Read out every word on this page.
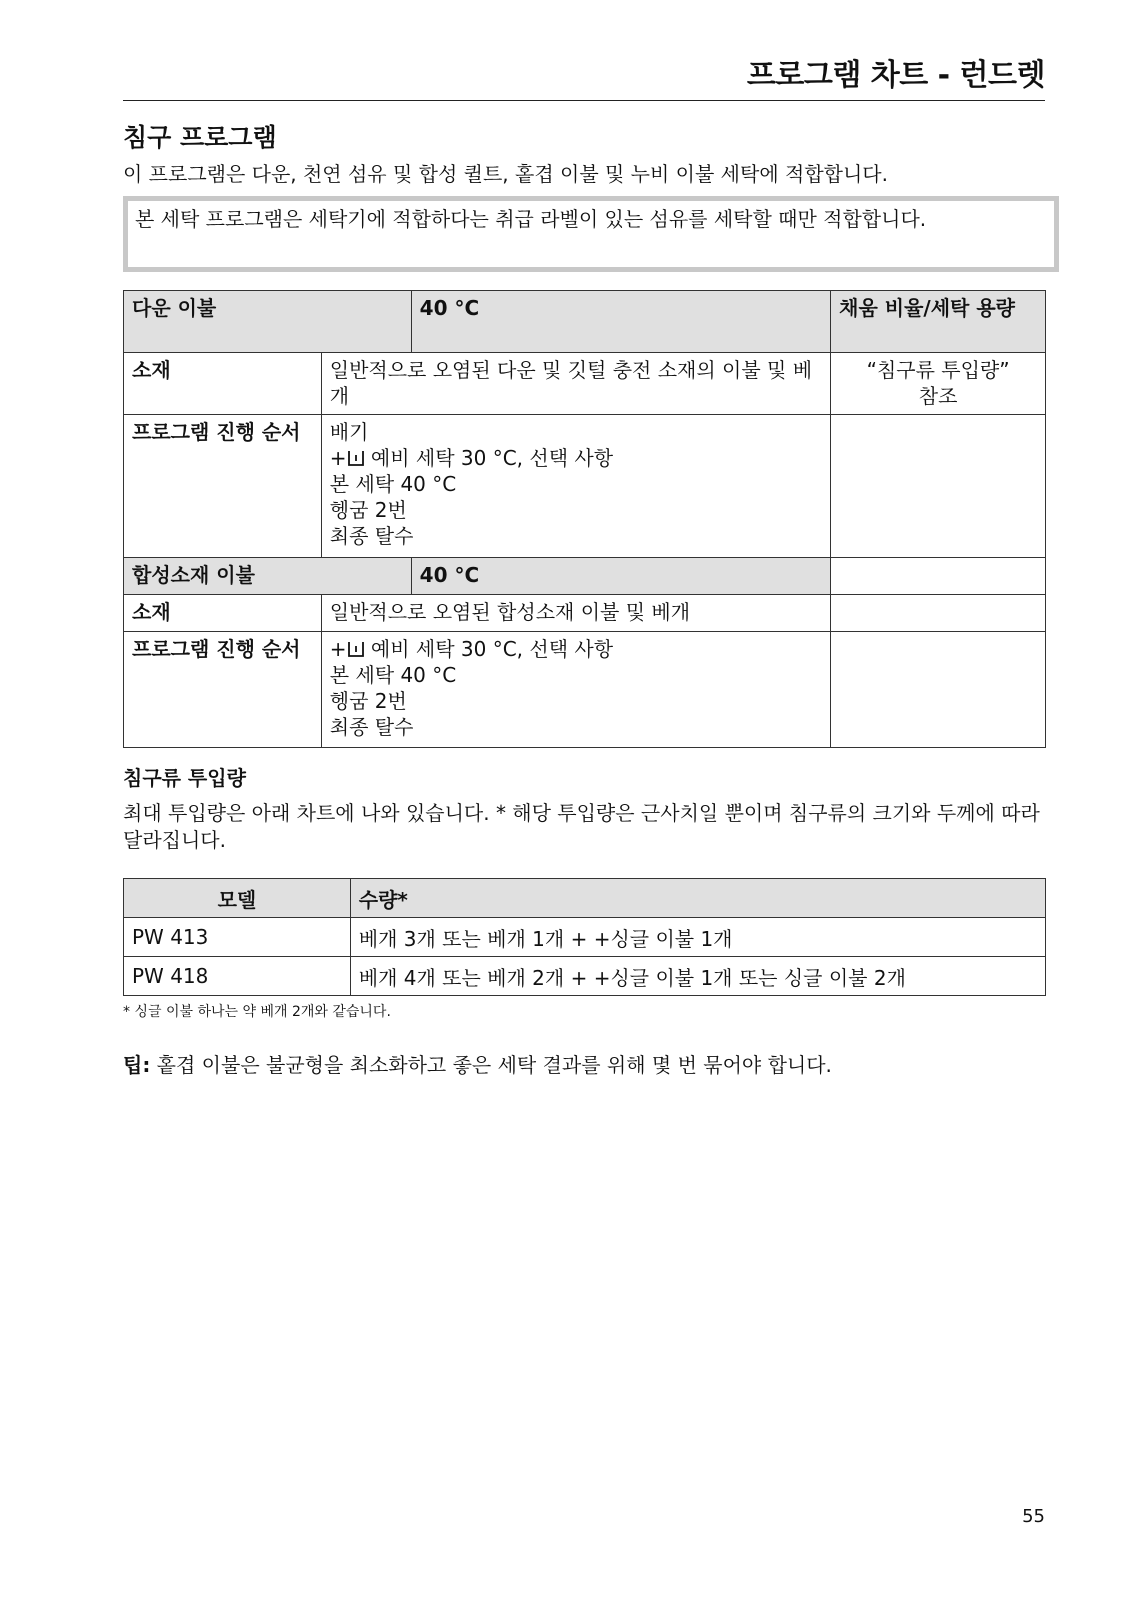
프로그램 차트 - 런드렛
침구 프로그램
이 프로그램은 다운, 천연 섬유 및 합성 퀼트, 홑겹 이불 및 누비 이불 세탁에 적합합니다.
본 세탁 프로그램은 세탁기에 적합하다는 취급 라벨이 있는 섬유를 세탁할 때만 적합합니다.
다운 이불		40 °C	채움 비율/세탁 용량
소재	일반적으로 오염된 다운 및 깃털 충전 소재의 이불 및 베개		“침구류 투입량”
참조

프로그램 진행 순서	배기
+ 예비 세탁 30 °C, 선택 사항
본 세탁 40 °C
헹굼 2번
최종 탈수		

합성소재 이불		40 °C	
소재	일반적으로 오염된 합성소재 이불 및 베개		
프로그램 진행 순서	+ 예비 세탁 30 °C, 선택 사항
본 세탁 40 °C
헹굼 2번
최종 탈수		

침구류 투입량
최대 투입량은 아래 차트에 나와 있습니다. * 해당 투입량은 근사치일 뿐이며 침구류의 크기와 두께에 따라 달라집니다.
모델	수량*
PW 413	베개 3개 또는 베개 1개 + +싱글 이불 1개
PW 418	베개 4개 또는 베개 2개 + +싱글 이불 1개 또는 싱글 이불 2개
* 싱글 이불 하나는 약 베개 2개와 같습니다.
팁: 홑겹 이불은 불균형을 최소화하고 좋은 세탁 결과를 위해 몇 번 묶어야 합니다.
55
